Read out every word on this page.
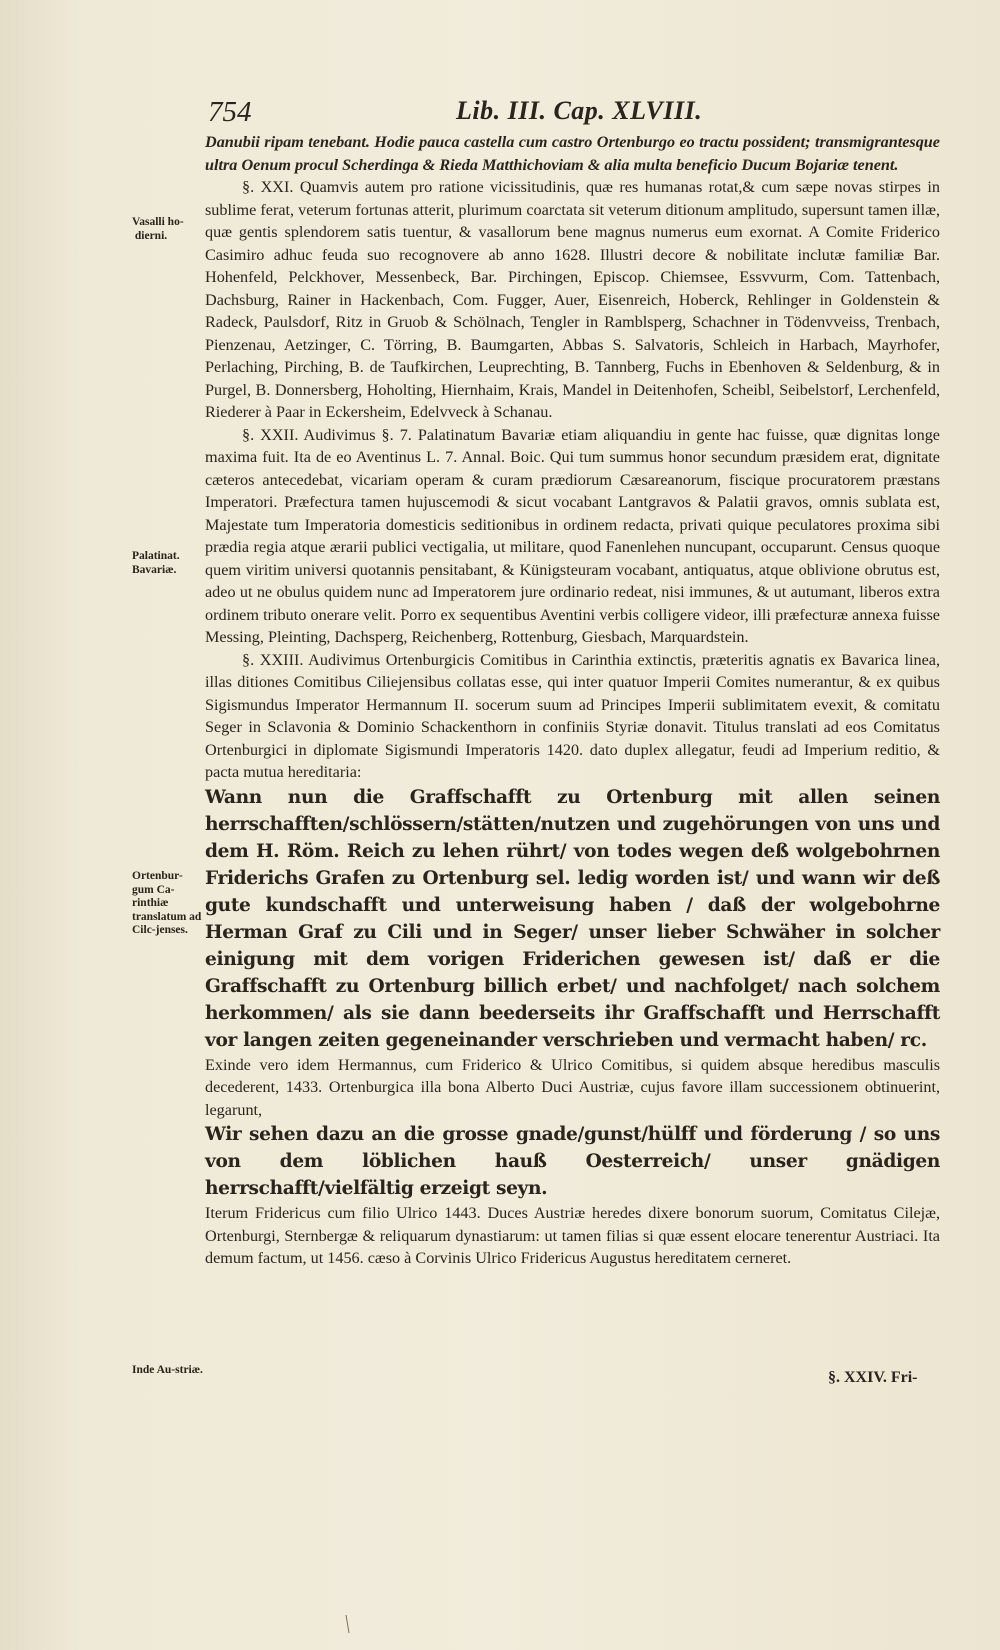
754	Lib. III. Cap. XLVIII.
Vasalli ho- dierni.
Palatinat. Bavariæ.
Ortenbur-gum Ca-rinthiæ translatum ad Cilc-jenses.
Inde Au-striæ.

Danubii ripam tenebant. Hodie pauca castella cum castro Ortenburgo eo tractu possident; transmigrantesque ultra Oenum procul Scherdinga & Rieda Matthichoviam & alia multa beneficio Ducum Bojariæ tenent.

§. XXI. Quamvis autem pro ratione vicissitudinis, quæ res humanas rotat,& cum sæpe novas stirpes in sublime ferat, veterum fortunas atterit, plurimum coarctata sit veterum ditionum amplitudo, supersunt tamen illæ, quæ gentis splendorem satis tuentur, & vasallorum bene magnus numerus eum exornat. A Comite Friderico Casimiro adhuc feuda suo recognovere ab anno 1628. Illustri decore & nobilitate inclutæ familiæ Bar. Hohenfeld, Pelckhover, Messenbeck, Bar. Pirchingen, Episcop. Chiemsee, Essvvurm, Com. Tattenbach, Dachsburg, Rainer in Hackenbach, Com. Fugger, Auer, Eisenreich, Hoberck, Rehlinger in Goldenstein & Radeck, Paulsdorf, Ritz in Gruob & Schölnach, Tengler in Ramblsperg, Schachner in Tödenvveiss, Trenbach, Pienzenau, Aetzinger, C. Törring, B. Baumgarten, Abbas S. Salvatoris, Schleich in Harbach, Mayrhofer, Perlaching, Pirching, B. de Taufkirchen, Leuprechting, B. Tannberg, Fuchs in Ebenhoven & Seldenburg, & in Purgel, B. Donnersberg, Hoholting, Hiernhaim, Krais, Mandel in Deitenhofen, Scheibl, Seibelstorf, Lerchenfeld, Riederer à Paar in Eckersheim, Edelvveck à Schanau.

§. XXII. Audivimus §. 7. Palatinatum Bavariæ etiam aliquandiu in gente hac fuisse, quæ dignitas longe maxima fuit. Ita de eo Aventinus L. 7. Annal. Boic. Qui tum summus honor secundum præsidem erat, dignitate cæteros antecedebat, vicariam operam & curam prædiorum Cæsareanorum, fiscique procuratorem præstans Imperatori. Præfectura tamen hujuscemodi & sicut vocabant Lantgravos & Palatii gravos, omnis sublata est, Majestate tum Imperatoria domesticis seditionibus in ordinem redacta, privati quique peculatores proxima sibi prædia regia atque ærarii publici vectigalia, ut militare, quod Fanenlehen nuncupant, occuparunt. Census quoque quem viritim universi quotannis pensitabant, & Künigsteuram vocabant, antiquatus, atque oblivione obrutus est, adeo ut ne obulus quidem nunc ad Imperatorem jure ordinario redeat, nisi immunes, & ut autumant, liberos extra ordinem tributo onerare velit. Porro ex sequentibus Aventini verbis colligere videor, illi præfecturæ annexa fuisse Messing, Pleinting, Dachsperg, Reichenberg, Rottenburg, Giesbach, Marquardstein.

§. XXIII. Audivimus Ortenburgicis Comitibus in Carinthia extinctis, præteritis agnatis ex Bavarica linea, illas ditiones Comitibus Ciliejensibus collatas esse, qui inter quatuor Imperii Comites numerantur, & ex quibus Sigismundus Imperator Hermannum II. socerum suum ad Principes Imperii sublimitatem evexit, & comitatu Seger in Sclavonia & Dominio Schackenthorn in confiniis Styriæ donavit. Titulus translati ad eos Comitatus Ortenburgici in diplomate Sigismundi Imperatoris 1420. dato duplex allegatur, feudi ad Imperium reditio, & pacta mutua hereditaria:

Wann nun die Graffschafft zu Ortenburg mit allen seinen herrschafften/schlössern/stätten/nutzen und zugehörungen von uns und dem H. Röm. Reich zu lehen rührt/ von todes wegen deß wolgebohrnen Friderichs Grafen zu Ortenburg sel. ledig worden ist/ und wann wir deß gute kundschafft und unterweisung haben / daß der wolgebohrne Herman Graf zu Cili und in Seger/ unser lieber Schwäher in solcher einigung mit dem vorigen Friderichen gewesen ist/ daß er die Graffschafft zu Ortenburg billich erbet/ und nachfolget/ nach solchem herkommen/ als sie dann beederseits ihr Graffschafft und Herrschafft vor langen zeiten gegeneinander verschrieben und vermacht haben/ rc.

Exinde vero idem Hermannus, cum Friderico & Ulrico Comitibus, si quidem absque heredibus masculis decederent, 1433. Ortenburgica illa bona Alberto Duci Austriæ, cujus favore illam successionem obtinuerint, legarunt,

Wir sehen dazu an die grosse gnade/gunst/hülff und förderung / so uns von dem löblichen hauß Oesterreich/ unser gnädigen herrschafft/vielfältig erzeigt seyn.

Iterum Fridericus cum filio Ulrico 1443. Duces Austriæ heredes dixere bonorum suorum, Comitatus Cilejæ, Ortenburgi, Sternbergæ & reliquarum dynastiarum: ut tamen filias si quæ essent elocare tenerentur Austriaci. Ita demum factum, ut 1456. cæso à Corvinis Ulrico Fridericus Augustus hereditatem cerneret.

§. XXIV. Fri-
